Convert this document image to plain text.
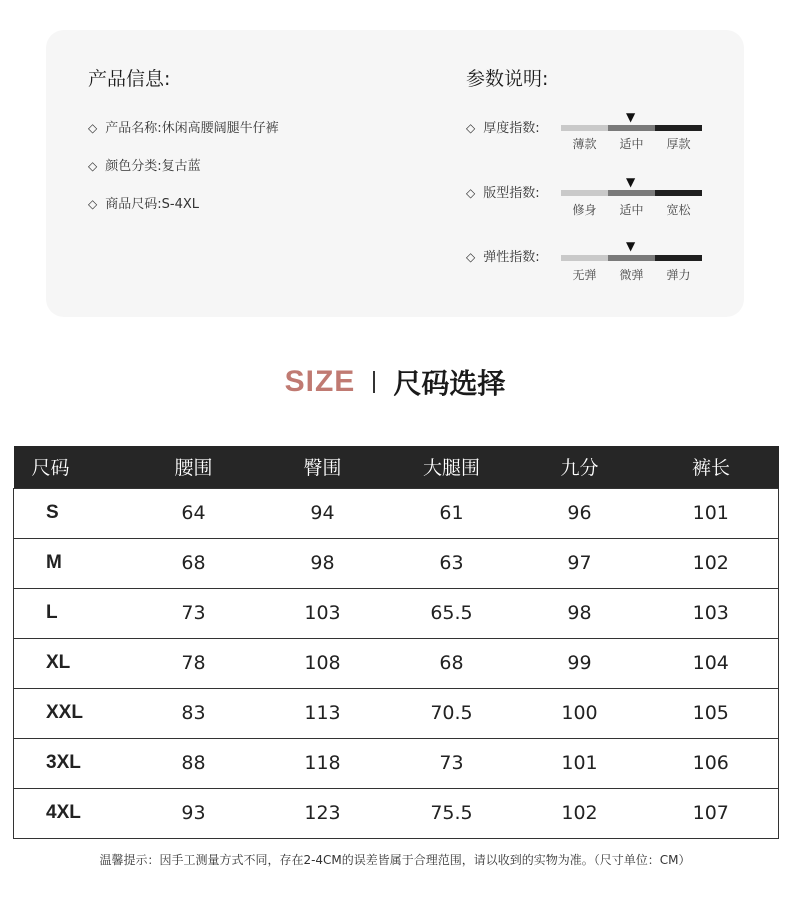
产品信息:
◇ 产品名称:休闲高腰阔腿牛仔裤
◇ 颜色分类:复古蓝
◇ 商品尺码:S-4XL
参数说明:
◇ 厚度指数:
▼
薄款	适中	厚款
◇ 版型指数:
▼
修身	适中	宽松
◇ 弹性指数:
▼
无弹	微弹	弹力
SIZE 尺码选择
尺码	腰围	臀围	大腿围	九分	裤长
S	64	94	61	96	101
M	68	98	63	97	102
L	73	103	65.5	98	103
XL	78	108	68	99	104
XXL	83	113	70.5	100	105
3XL	88	118	73	101	106
4XL	93	123	75.5	102	107
温馨提示：因手工测量方式不同，存在2-4CM的误差皆属于合理范围，请以收到的实物为准。（尺寸单位：CM）
